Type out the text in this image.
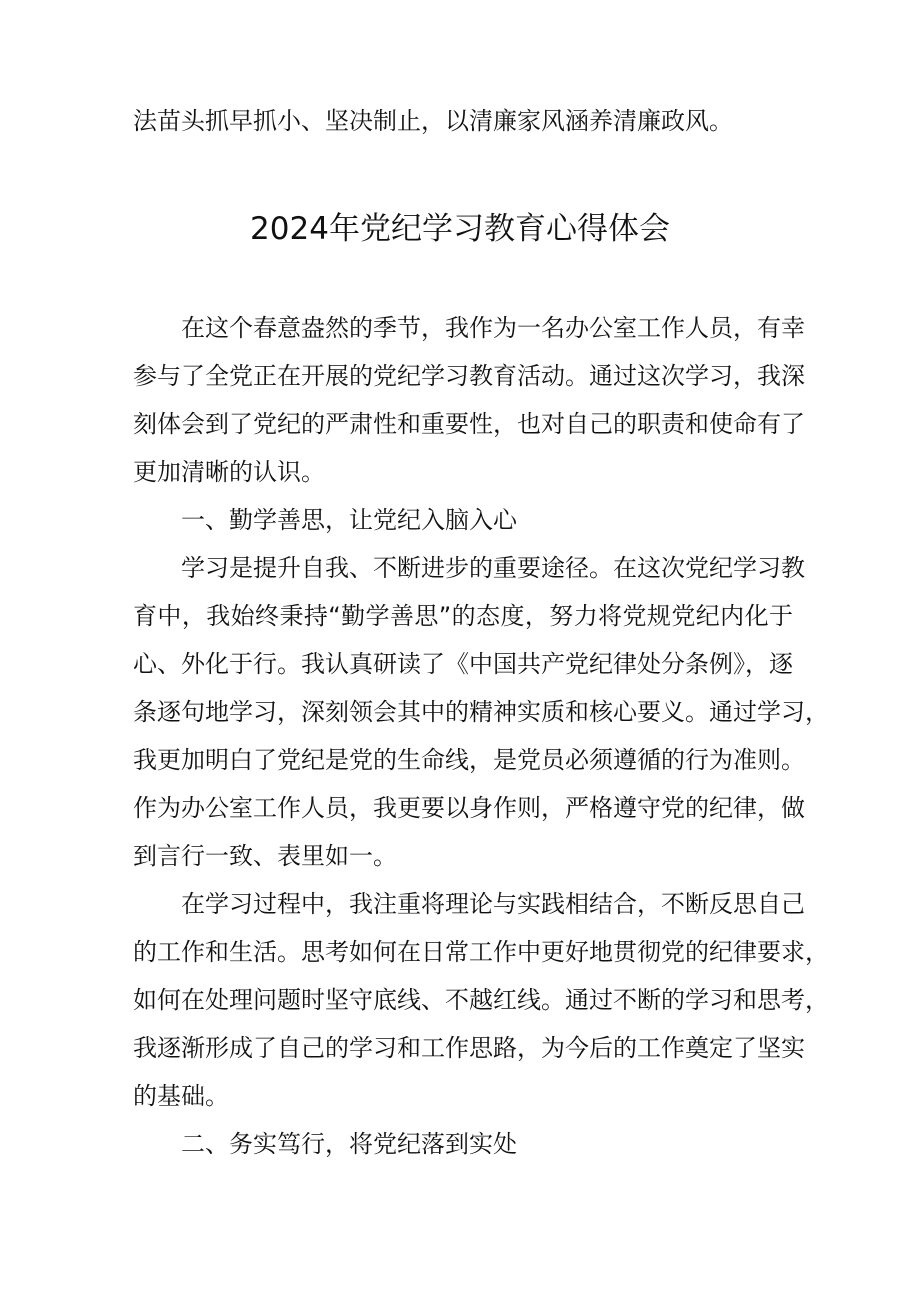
法苗头抓早抓小、坚决制止，以清廉家风涵养清廉政风。
2024年党纪学习教育心得体会
在这个春意盎然的季节，我作为一名办公室工作人员，有幸
参与了全党正在开展的党纪学习教育活动。通过这次学习，我深
刻体会到了党纪的严肃性和重要性，也对自己的职责和使命有了
更加清晰的认识。
一、勤学善思，让党纪入脑入心
学习是提升自我、不断进步的重要途径。在这次党纪学习教
育中，我始终秉持“勤学善思”的态度，努力将党规党纪内化于
心、外化于行。我认真研读了《中国共产党纪律处分条例》，逐
条逐句地学习，深刻领会其中的精神实质和核心要义。通过学习，
我更加明白了党纪是党的生命线，是党员必须遵循的行为准则。
作为办公室工作人员，我更要以身作则，严格遵守党的纪律，做
到言行一致、表里如一。
在学习过程中，我注重将理论与实践相结合，不断反思自己
的工作和生活。思考如何在日常工作中更好地贯彻党的纪律要求，
如何在处理问题时坚守底线、不越红线。通过不断的学习和思考，
我逐渐形成了自己的学习和工作思路，为今后的工作奠定了坚实
的基础。
二、务实笃行，将党纪落到实处
